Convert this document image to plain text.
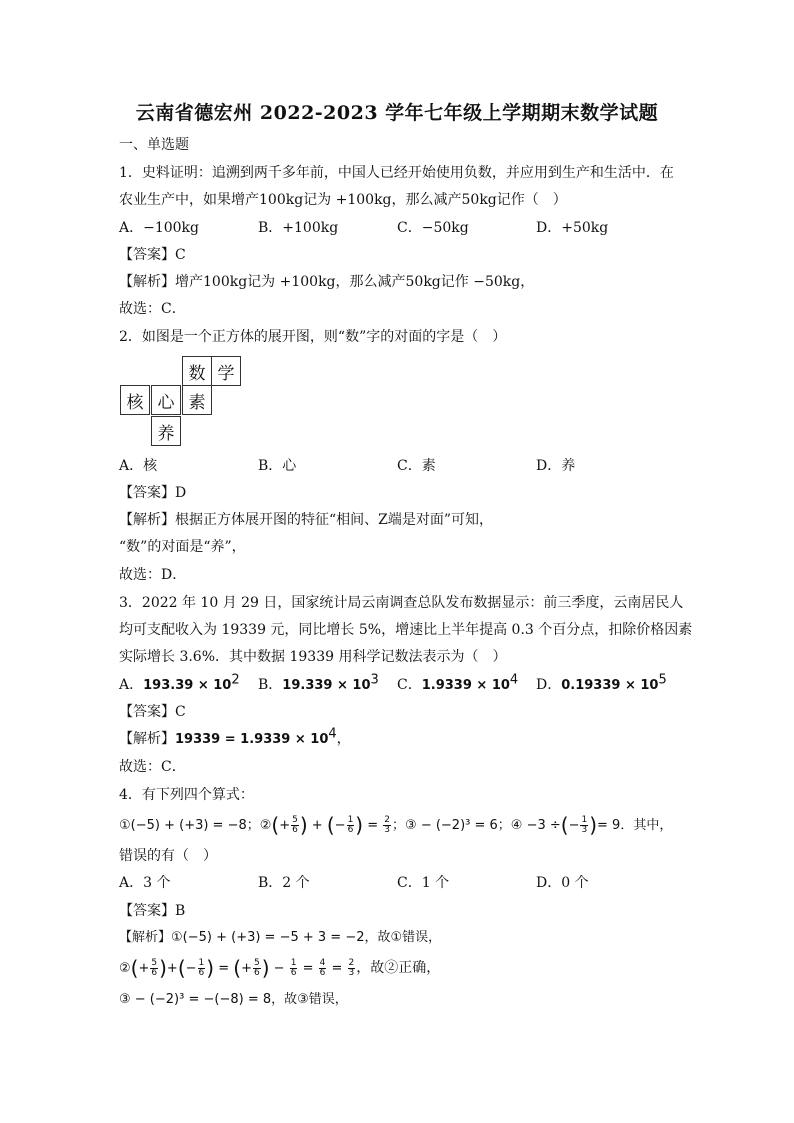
云南省德宏州 2022-2023 学年七年级上学期期末数学试题
一、单选题
1．史料证明：追溯到两千多年前，中国人已经开始使用负数，并应用到生产和生活中．在
农业生产中，如果增产100kg记为 +100kg，那么减产50kg记作（　）
A．−100kg	B．+100kg	C．−50kg	D．+50kg
【答案】C
【解析】增产100kg记为 +100kg，那么减产50kg记作 −50kg，
故选：C．
2．如图是一个正方体的展开图，则“数”字的对面的字是（　）
数 学
核 心 素
养
A．核	B．心	C．素	D．养
【答案】D
【解析】根据正方体展开图的特征“相间、Z端是对面”可知，
“数”的对面是“养”，
故选：D．
3．2022 年 10 月 29 日，国家统计局云南调查总队发布数据显示：前三季度，云南居民人
均可支配收入为 19339 元，同比增长 5%，增速比上半年提高 0.3 个百分点，扣除价格因素
实际增长 3.6%．其中数据 19339 用科学记数法表示为（　）
A．$193.39 \times 10^2$ B．$19.339 \times 10^3$ C．$1.9339 \times 10^4$ D．$0.19339 \times 10^5$
【答案】C
【解析】$19339 = 1.9339 \times 10^4$，
故选：C．
4．有下列四个算式：
①(−5) + (+3) = −8；②(+ $\frac{5}{6}$ ) + (− $\frac{1}{6}$ ) = $\frac{2}{3}$ ；③ − (−2)³ = 6；④ −3 ÷(− $\frac{1}{3}$ )= 9．其中，
错误的有（　）
A．3 个	B．2 个	C．1 个	D．0 个
【答案】B
【解析】①(−5) + (+3) = −5 + 3 = −2，故①错误，
②(+ $\frac{5}{6}$ )+(− $\frac{1}{6}$ ) = (+ $\frac{5}{6}$ ) − $\frac{1}{6} = \frac{4}{6} = \frac{2}{3}$ ，故②正确，
③ − (−2)³ = −(−8) = 8，故③错误，
